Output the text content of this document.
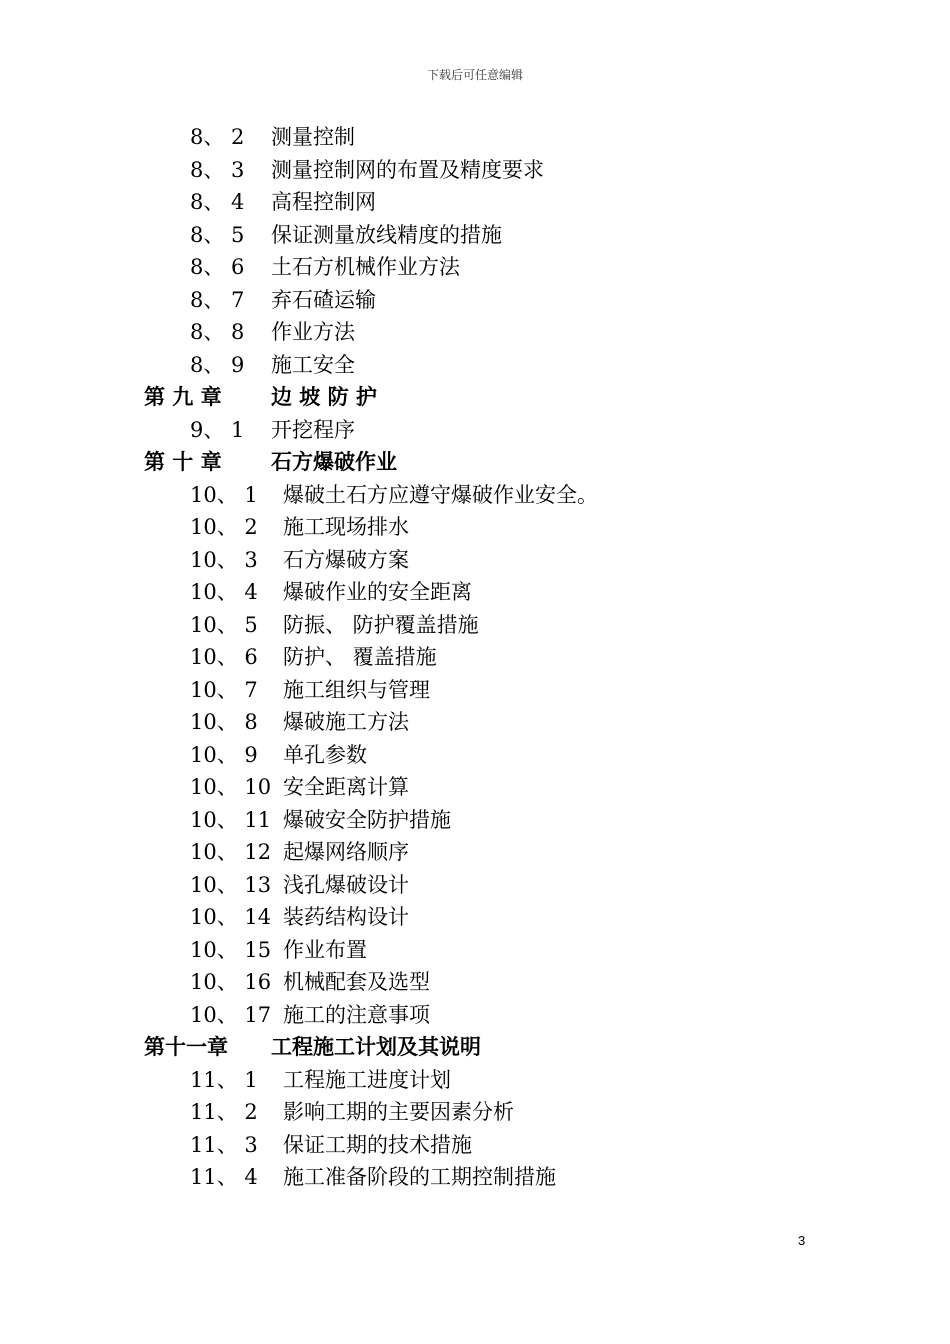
下载后可任意编辑
8、 2 测量控制
8、 3 测量控制网的布置及精度要求
8、 4 高程控制网
8、 5 保证测量放线精度的措施
8、 6 土石方机械作业方法
8、 7 弃石碴运输
8、 8 作业方法
8、 9 施工安全
第 九 章 边 坡 防 护
9、 1 开挖程序
第 十 章 石方爆破作业
10、 1 爆破土石方应遵守爆破作业安全。
10、 2 施工现场排水
10、 3 石方爆破方案
10、 4 爆破作业的安全距离
10、 5 防振、 防护覆盖措施
10、 6 防护、 覆盖措施
10、 7 施工组织与管理
10、 8 爆破施工方法
10、 9 单孔参数
10、 10 安全距离计算
10、 11 爆破安全防护措施
10、 12 起爆网络顺序
10、 13 浅孔爆破设计
10、 14 装药结构设计
10、 15 作业布置
10、 16 机械配套及选型
10、 17 施工的注意事项
第十一章 工程施工计划及其说明
11、 1 工程施工进度计划
11、 2 影响工期的主要因素分析
11、 3 保证工期的技术措施
11、 4 施工准备阶段的工期控制措施
3
